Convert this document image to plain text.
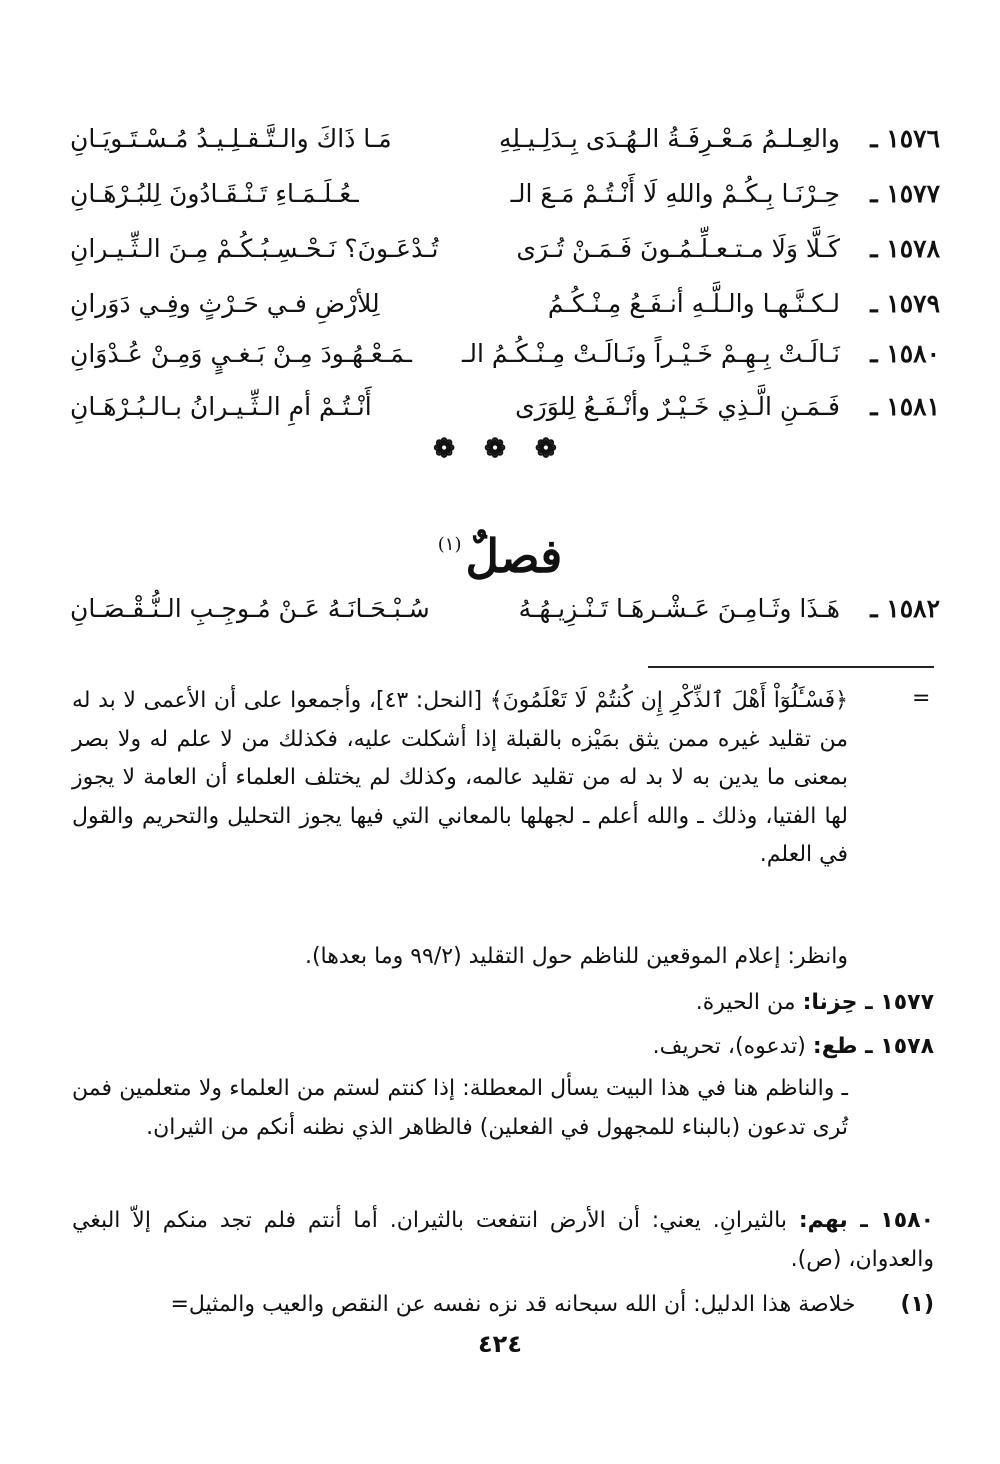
١٥٧٦ ـ
والعِـلـمُ مَـعْـرِفَـةُ الـهُـدَى بِـدَلِـيـلِهِ
مَـا ذَاكَ والـتَّـقـلِـيـدُ مُـسْـتَـويَـانِ
١٥٧٧ ـ
حِـرْنَـا بِـكُـمْ واللهِ لَا أَنْـتُـمْ مَـعَ الـ
ـعُـلَـمَـاءِ تَـنْـقَـادُونَ لِلبُـرْهَـانِ
١٥٧٨ ـ
كَـلَّا وَلَا مـتـعـلِّـمُـونَ فَـمَـنْ تُـرَى
تُـدْعَـونَ؟ نَـحْـسِـبُـكُـمْ مِـنَ الـثِّـيـرانِ
١٥٧٩ ـ
لـكـنَّـهـا والـلَّـهِ أنـفَـعُ مِـنْـكُـمُ
لِلأرْضِ فـي حَـرْثٍ وفِـي دَوَرانِ
١٥٨٠ ـ
نَـالَـتْ بِـهِـمْ خَـيْـراً ونَـالَـتْ مِـنْـكُـمُ الـ
ـمَـعْـهُـودَ مِـنْ بَـغـيٍ وَمِـنْ عُـدْوَانِ
١٥٨١ ـ
فَـمَـنِ الَّـذِي خَـيْـرٌ وأنْـفَـعُ لِلوَرَى
أَنْـتُـمْ أمِ الـثِّـيـرانُ بـالـبُـرْهَـانِ
❁ ❁ ❁
فصلٌ$^{(١)}$
١٥٨٢ ـ
هَـذَا وثَـامِـنَ عَـشْـرهَـا تَـنْـزِيـهُـهُ
سُـبْـحَـانَـهُ عَـنْ مُـوجِـبِ الـنُّـقْـصَـانِ
=
﴿فَسْـَٔلُوٓاْ أَهْلَ ٱلذِّكْرِ إِن كُنتُمْ لَا تَعْلَمُونَ﴾ [النحل: ٤٣]، وأجمعوا على أن الأعمى لا بد له من تقليد غيره ممن يثق بمَيْزه بالقبلة إذا أشكلت عليه، فكذلك من لا علم له ولا بصر بمعنى ما يدين به لا بد له من تقليد عالمه، وكذلك لم يختلف العلماء أن العامة لا يجوز لها الفتيا، وذلك ـ والله أعلم ـ لجهلها بالمعاني التي فيها يجوز التحليل والتحريم والقول في العلم.
وانظر: إعلام الموقعين للناظم حول التقليد (٩٩/٢ وما بعدها).
١٥٧٧ ـ حِزنا: من الحيرة.
١٥٧٨ ـ طع: (تدعوه)، تحريف.
ـ والناظم هنا في هذا البيت يسأل المعطلة: إذا كنتم لستم من العلماء ولا متعلمين فمن تُرى تدعون (بالبناء للمجهول في الفعلين) فالظاهر الذي نظنه أنكم من الثيران.
١٥٨٠ ـ بهم: بالثيرانِ. يعني: أن الأرض انتفعت بالثيران. أما أنتم فلم تجد منكم إلاّ البغي والعدوان، (ص).
(١) خلاصة هذا الدليل: أن الله سبحانه قد نزه نفسه عن النقص والعيب والمثيل=
٤٢٤
